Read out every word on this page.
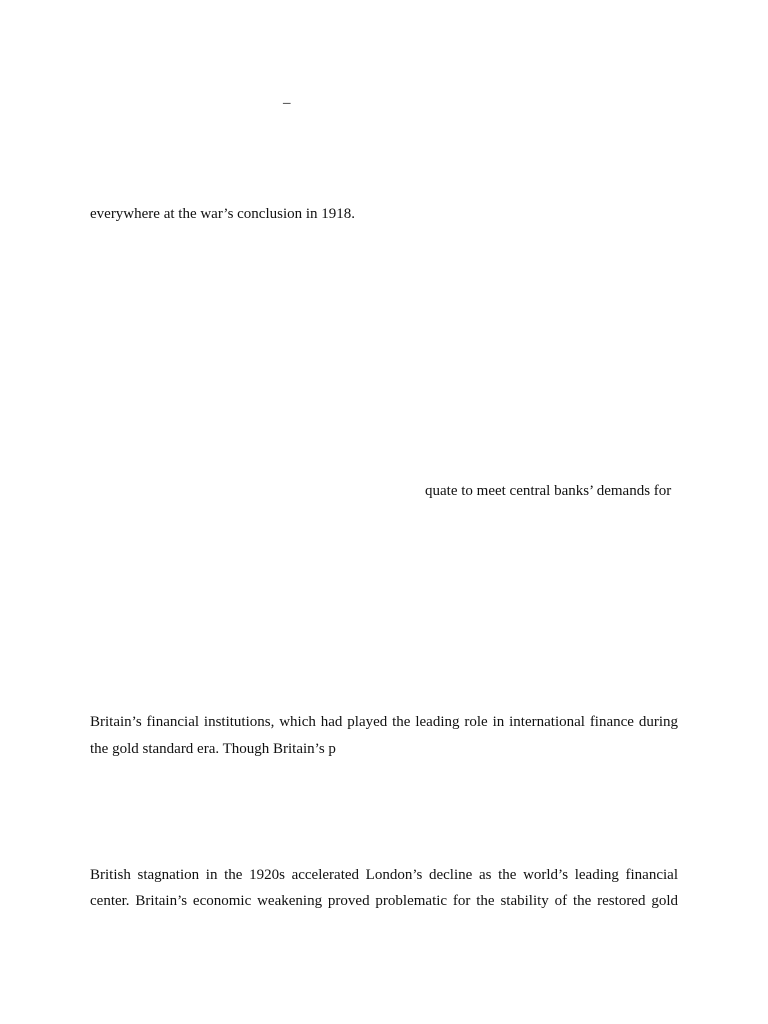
–
everywhere at the war’s conclusion in 1918.
quate to meet central banks’ demands for
Britain’s financial institutions, which had played the leading role in international finance during
the gold standard era. Though Britain’s p
British stagnation in the 1920s accelerated London’s decline as the world’s leading financial
center. Britain’s economic weakening proved problematic for the stability of the restored gold
